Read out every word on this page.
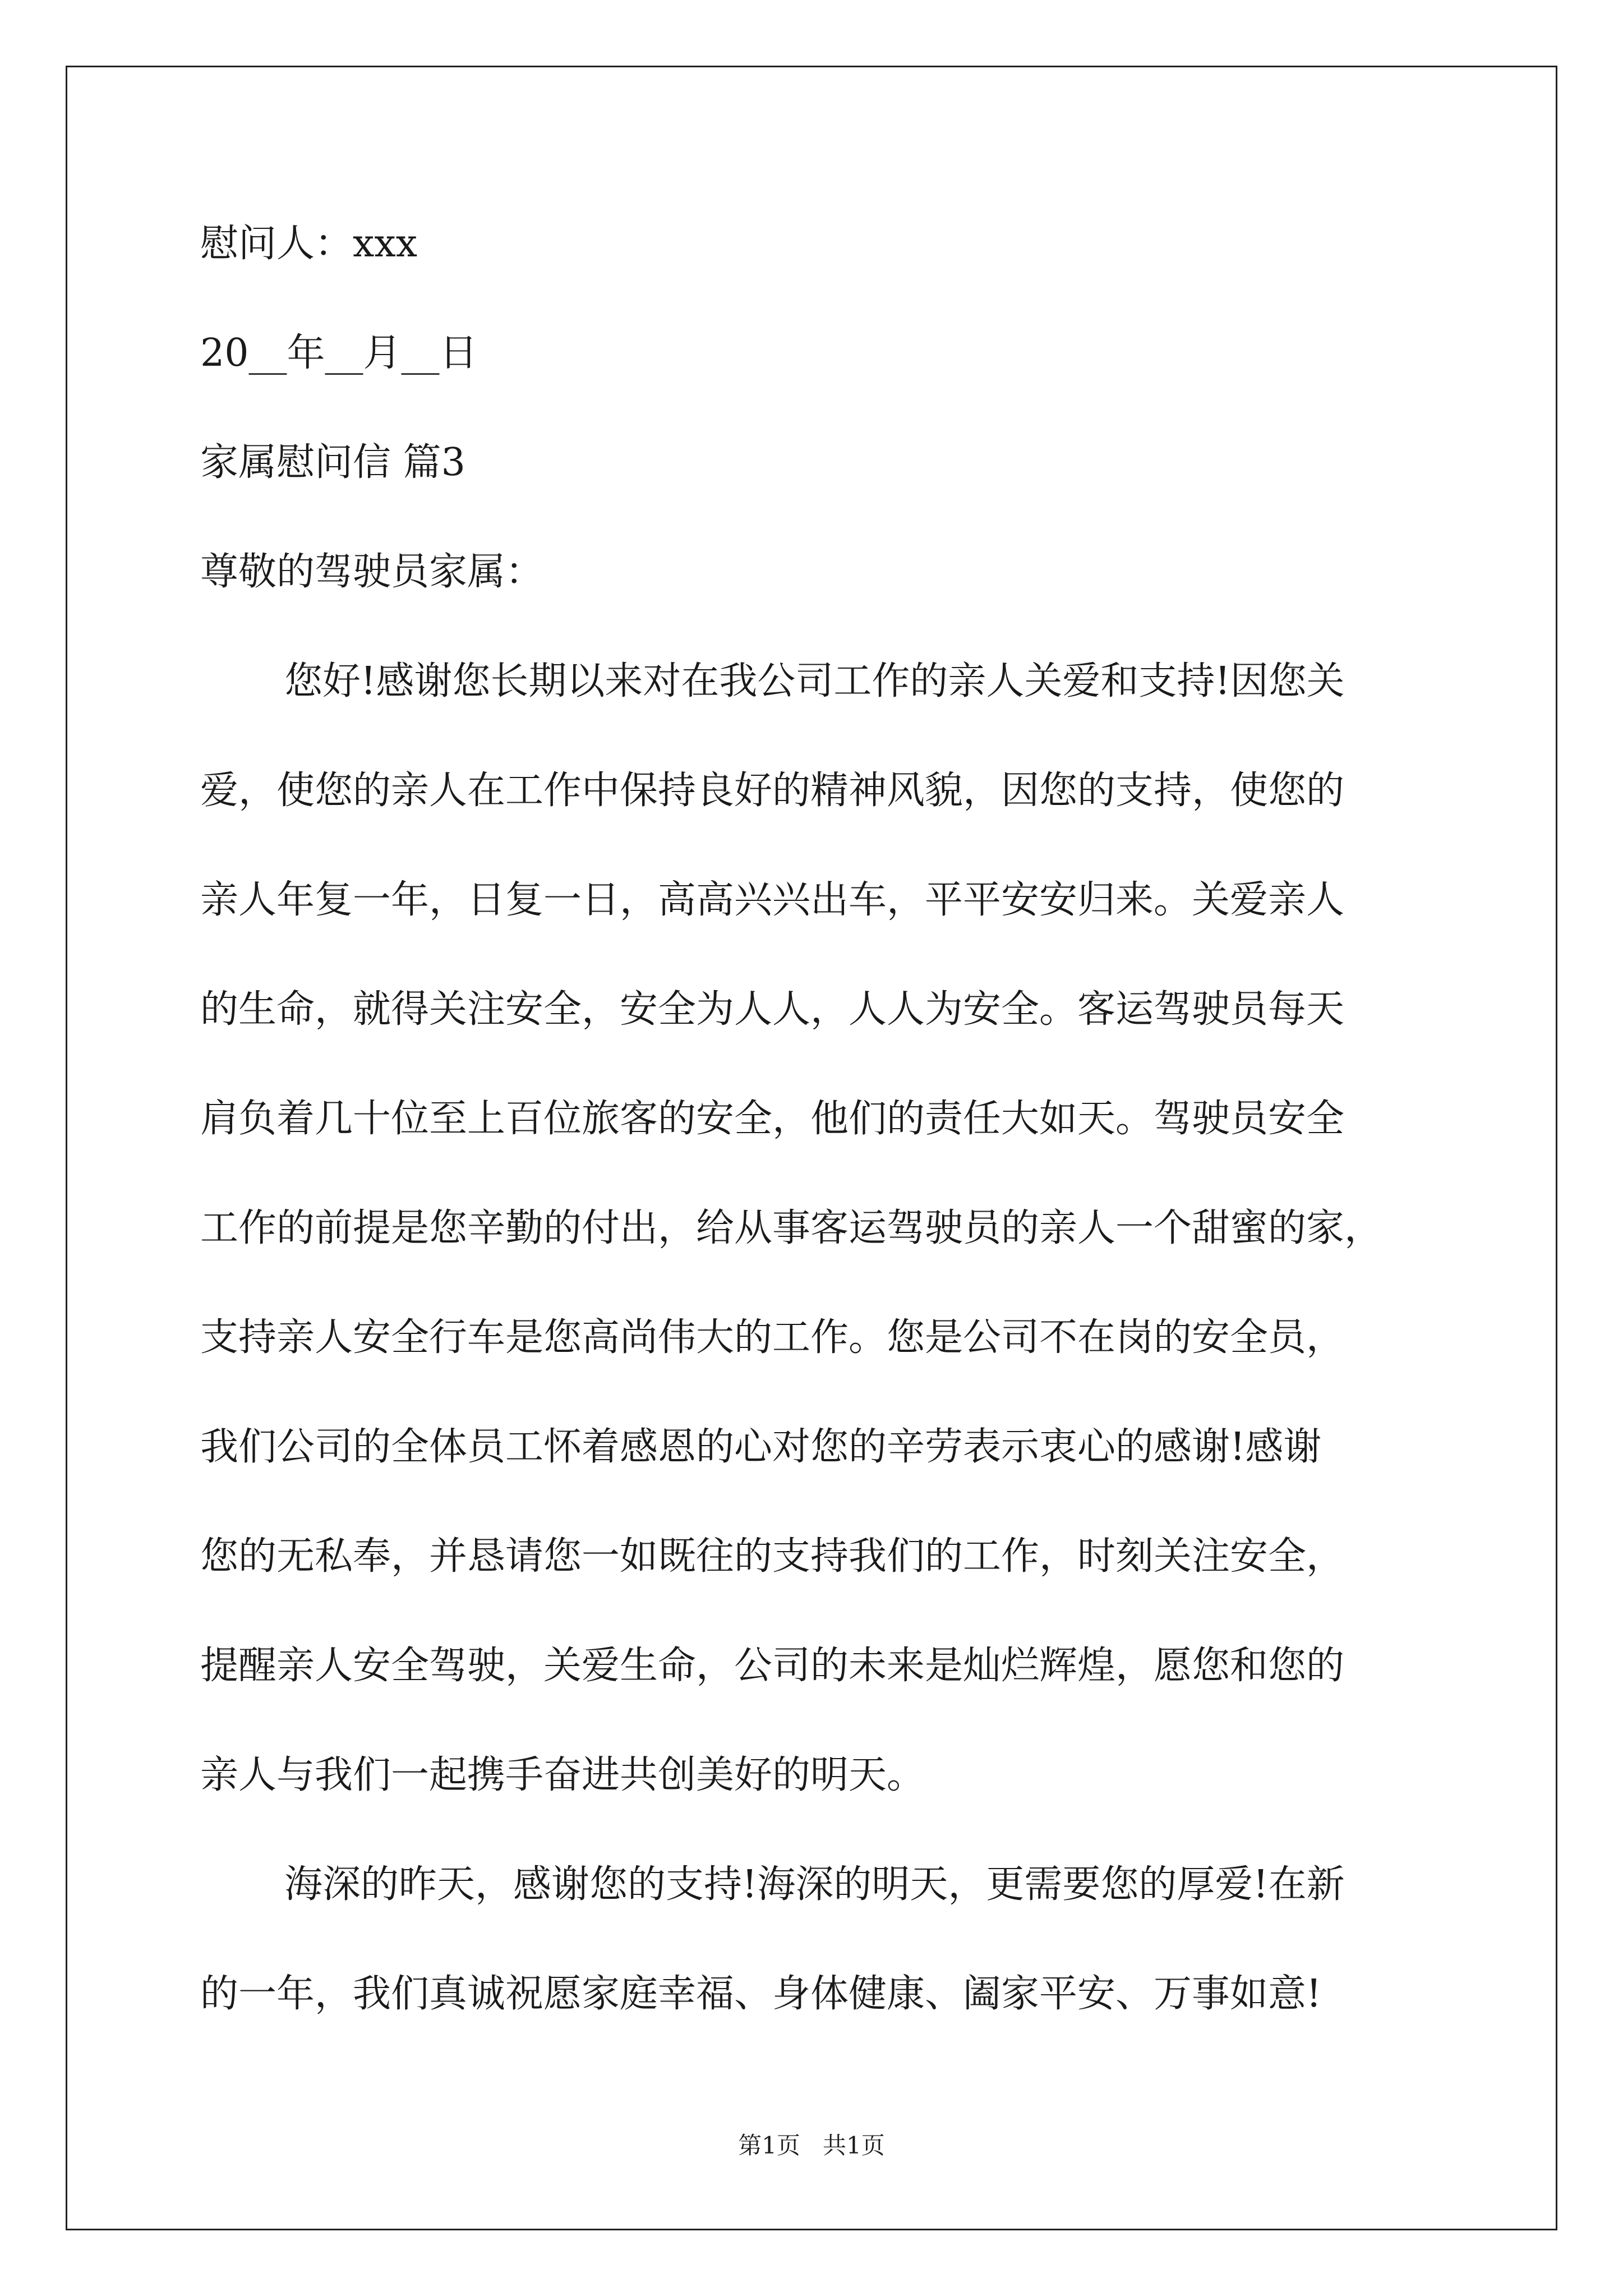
慰问人：xxx

20__年__月__日

家属慰问信 篇3

尊敬的驾驶员家属：

您好!感谢您长期以来对在我公司工作的亲人关爱和支持!因您关

爱，使您的亲人在工作中保持良好的精神风貌，因您的支持，使您的

亲人年复一年，日复一日，高高兴兴出车，平平安安归来。关爱亲人

的生命，就得关注安全，安全为人人，人人为安全。客运驾驶员每天

肩负着几十位至上百位旅客的安全，他们的责任大如天。驾驶员安全

工作的前提是您辛勤的付出，给从事客运驾驶员的亲人一个甜蜜的家，

支持亲人安全行车是您高尚伟大的工作。您是公司不在岗的安全员，

我们公司的全体员工怀着感恩的心对您的辛劳表示衷心的感谢!感谢

您的无私奉，并恳请您一如既往的支持我们的工作，时刻关注安全，

提醒亲人安全驾驶，关爱生命，公司的未来是灿烂辉煌，愿您和您的

亲人与我们一起携手奋进共创美好的明天。

海深的昨天，感谢您的支持!海深的明天，更需要您的厚爱!在新

的一年，我们真诚祝愿家庭幸福、身体健康、阖家平安、万事如意!

第1页   共1页
